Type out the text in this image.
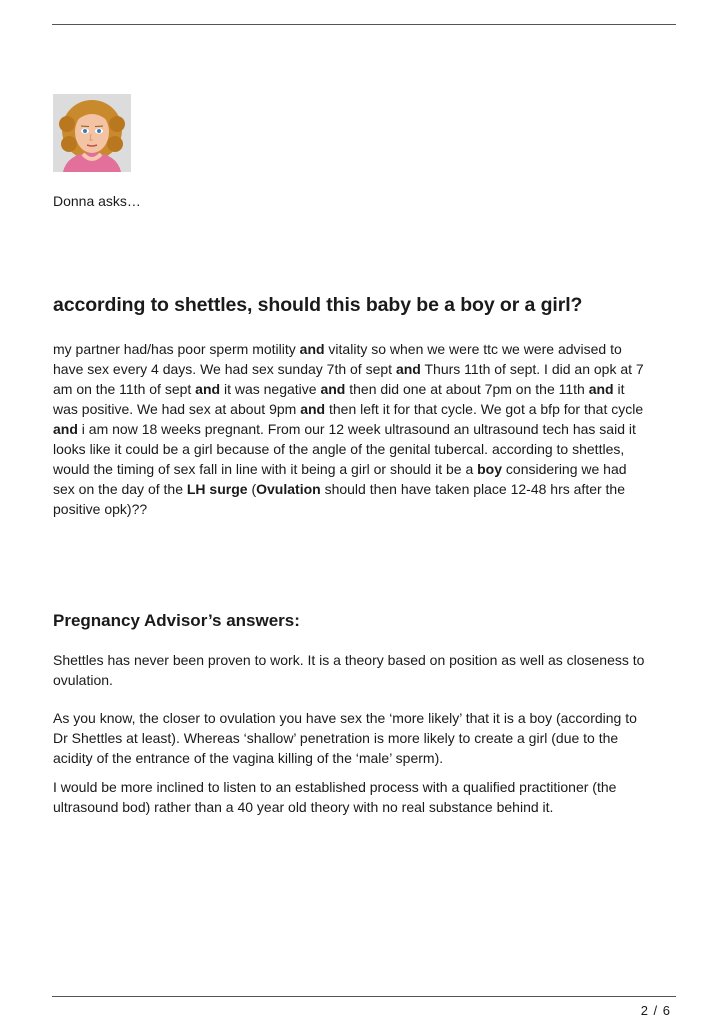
Donna asks…
according to shettles, should this baby be a boy or a girl?
my partner had/has poor sperm motility and vitality so when we were ttc we were advised to
have sex every 4 days. We had sex sunday 7th of sept and Thurs 11th of sept. I did an opk at 7
am on the 11th of sept and it was negative and then did one at about 7pm on the 11th and it
was positive. We had sex at about 9pm and then left it for that cycle. We got a bfp for that cycle
and i am now 18 weeks pregnant. From our 12 week ultrasound an ultrasound tech has said it
looks like it could be a girl because of the angle of the genital tubercal. according to shettles,
would the timing of sex fall in line with it being a girl or should it be a boy considering we had
sex on the day of the LH surge (Ovulation should then have taken place 12-48 hrs after the
positive opk)??
Pregnancy Advisor’s answers:
Shettles has never been proven to work. It is a theory based on position as well as closeness to
ovulation.
As you know, the closer to ovulation you have sex the ‘more likely’ that it is a boy (according to
Dr Shettles at least). Whereas ‘shallow’ penetration is more likely to create a girl (due to the
acidity of the entrance of the vagina killing of the ‘male’ sperm).
I would be more inclined to listen to an established process with a qualified practitioner (the
ultrasound bod) rather than a 40 year old theory with no real substance behind it.
2 / 6
